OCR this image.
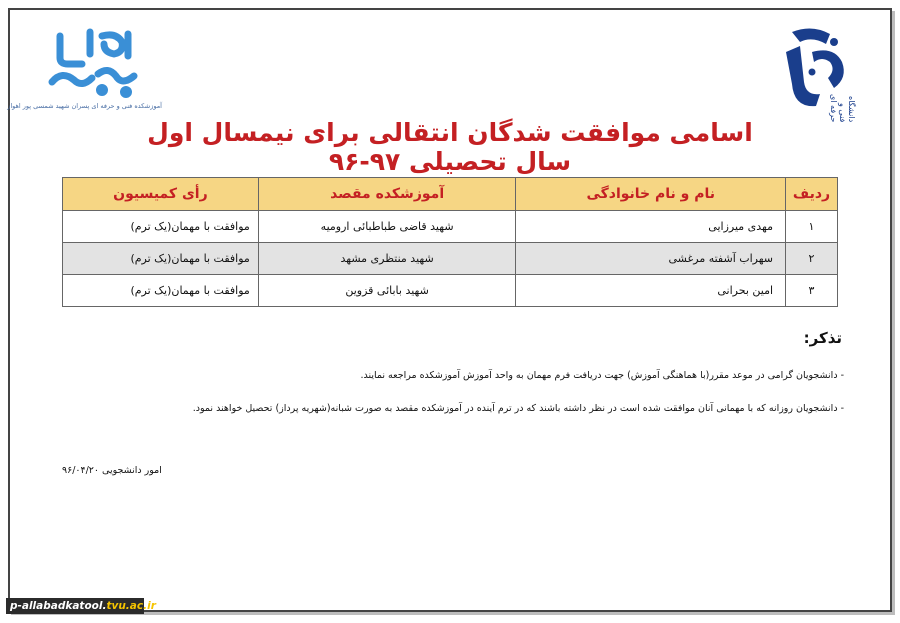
آموزشکده فنی و حرفه ای پسران شهید شمسی پور اهواز	دانشگاه فنی و حرفه ای
اسامی موافقت شدگان انتقالی برای نیمسال اول سال تحصیلی ۹۷-۹۶
ردیف	نام و نام خانوادگی	آموزشکده مقصد	رأی کمیسیون
۱	مهدی میرزایی	شهید قاضی طباطبائی ارومیه	موافقت با مهمان(یک ترم)
۲	سهراب آشفته مرغشی	شهید منتظری مشهد	موافقت با مهمان(یک ترم)
۳	امین بحرانی	شهید بابائی قزوین	موافقت با مهمان(یک ترم)
تذکر:
- دانشجویان گرامی در موعد مقرر(با هماهنگی آموزش) جهت دریافت فرم مهمان به واحد آموزش آموزشکده مراجعه نمایند.
- دانشجویان روزانه که با مهمانی آنان موافقت شده است در نظر داشته باشند که در ترم آینده در آموزشکده مقصد به صورت شبانه(شهریه پرداز) تحصیل خواهند نمود.
امور دانشجویی ۹۶/۰۴/۲۰
p-allabadkatool.tvu.ac.ir
